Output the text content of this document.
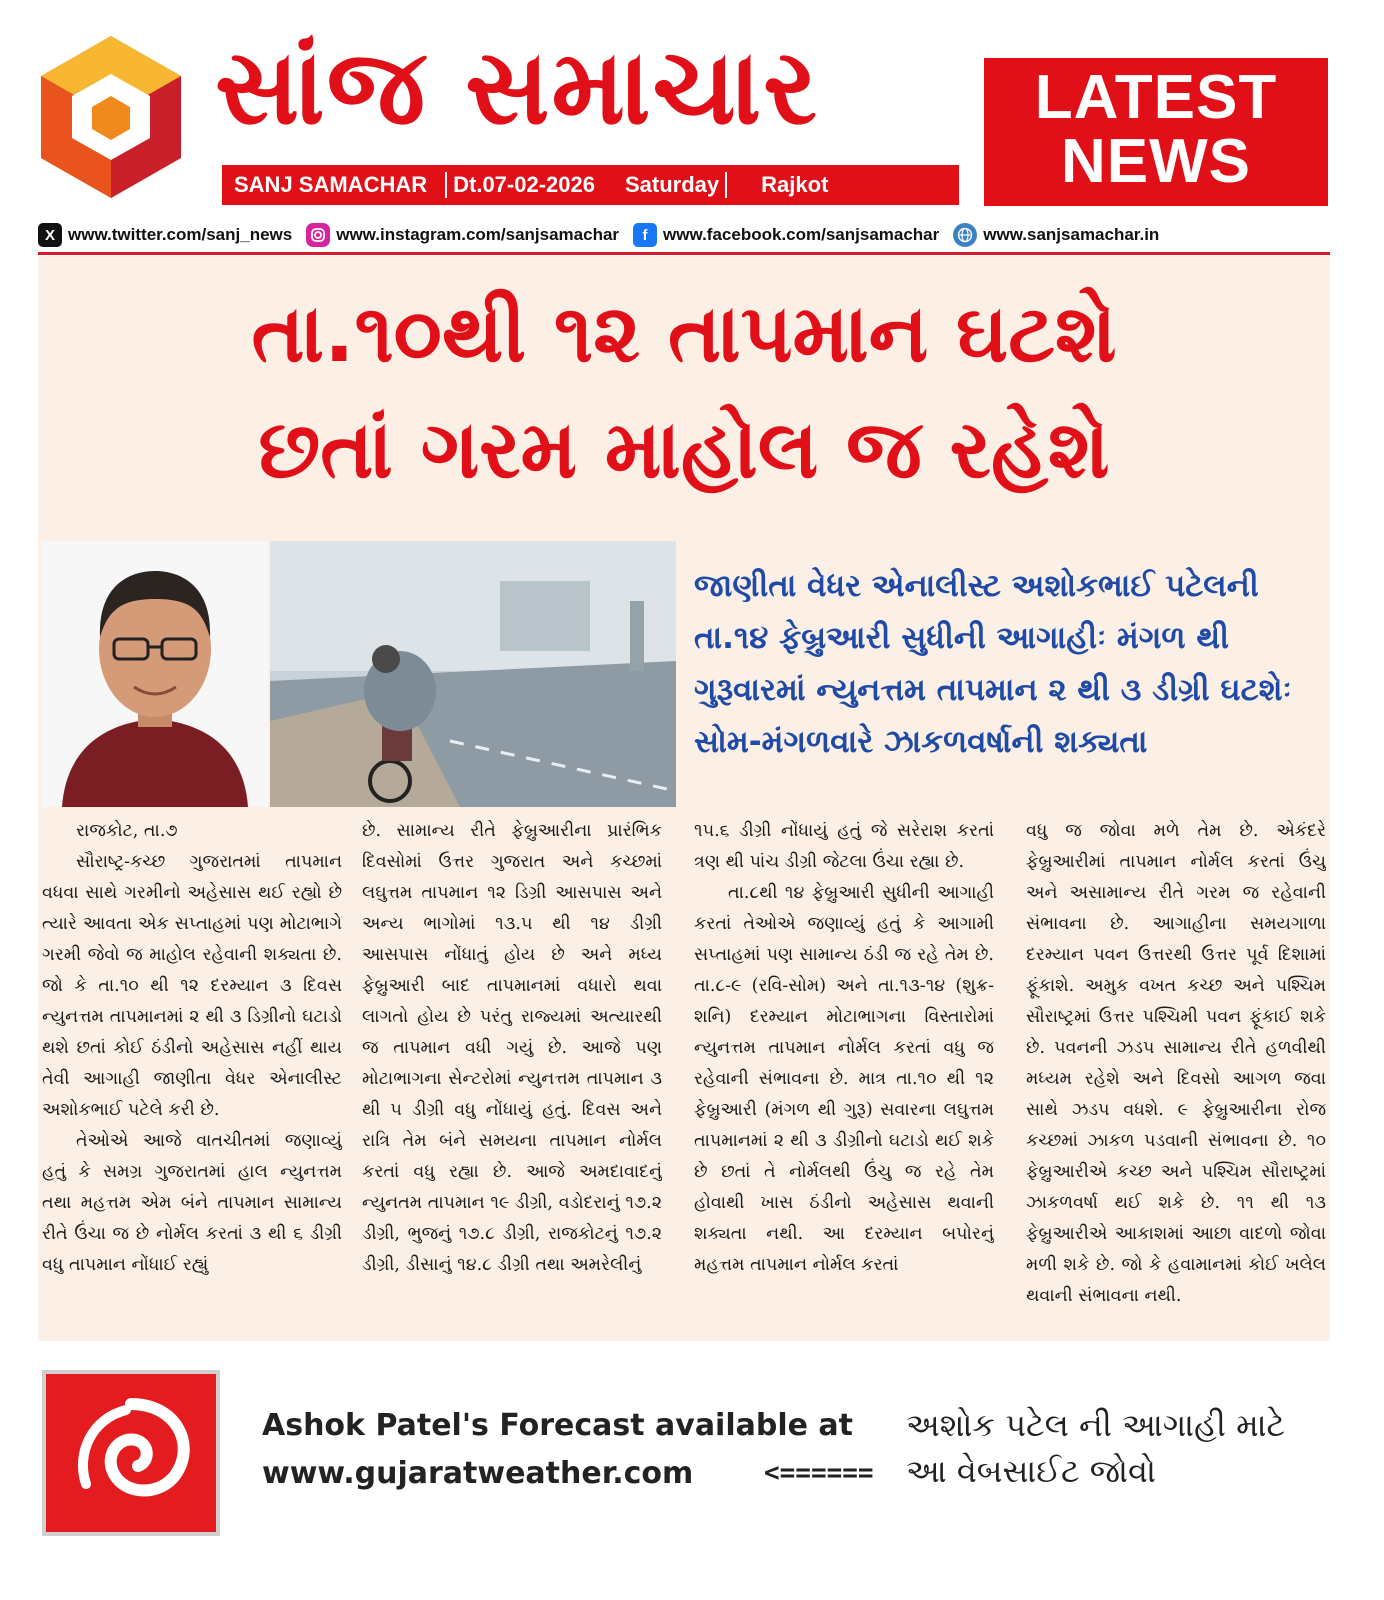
સાંજ સમાચાર
SANJ SAMACHAR Dt.07-02-2026 Saturday Rajkot
LATEST
NEWS
X www.twitter.com/sanj_news	www.instagram.com/sanjsamachar	f www.facebook.com/sanjsamachar	www.sanjsamachar.in
તા.૧૦થી ૧૨ તાપમાન ઘટશે
છતાં ગરમ માહોલ જ રહેશે
જાણીતા વેધર એનાલીસ્ટ અશોકભાઈ પટેલની તા.૧૪ ફેબ્રુઆરી સુધીની આગાહીઃ મંગળ થી ગુરૂવારમાં ન્યુનત્તમ તાપમાન ૨ થી ૩ ડીગ્રી ઘટશેઃ સોમ-મંગળવારે ઝાકળવર્ષાની શક્યતા

રાજકોટ, તા.૭

સૌરાષ્ટ્ર-કચ્છ ગુજરાતમાં તાપમાન વધવા સાથે ગરમીનો અહેસાસ થઈ રહ્યો છે ત્યારે આવતા એક સપ્તાહમાં પણ મોટાભાગે ગરમી જેવો જ માહોલ રહેવાની શક્યતા છે. જો કે તા.૧૦ થી ૧૨ દરમ્યાન ૩ દિવસ ન્યુનત્તમ તાપમાનમાં ૨ થી ૩ ડિગ્રીનો ઘટાડો થશે છતાં કોઈ ઠંડીનો અહેસાસ નહીં થાય તેવી આગાહી જાણીતા વેધર એનાલીસ્ટ અશોકભાઈ પટેલે કરી છે.

તેઓએ આજે વાતચીતમાં જણાવ્યું હતું કે સમગ્ર ગુજરાતમાં હાલ ન્યુનત્તમ તથા મહત્તમ એમ બંને તાપમાન સામાન્ય રીતે ઉંચા જ છે નોર્મલ કરતાં ૩ થી ૬ ડીગ્રી વધુ તાપમાન નોંધાઈ રહ્યું

છે. સામાન્ય રીતે ફેબ્રુઆરીના પ્રારંભિક દિવસોમાં ઉત્તર ગુજરાત અને કચ્છમાં લઘુત્તમ તાપમાન ૧૨ ડિગ્રી આસપાસ અને અન્ય ભાગોમાં ૧૩.૫ થી ૧૪ ડીગ્રી આસપાસ નોંધાતું હોય છે અને મધ્ય ફેબ્રુઆરી બાદ તાપમાનમાં વધારો થવા લાગતો હોય છે પરંતુ રાજ્યમાં અત્યારથી જ તાપમાન વધી ગયું છે. આજે પણ મોટાભાગના સેન્ટરોમાં ન્યુનત્તમ તાપમાન ૩ થી ૫ ડીગ્રી વધુ નોંધાયું હતું. દિવસ અને રાત્રિ તેમ બંને સમયના તાપમાન નોર્મલ કરતાં વધુ રહ્યા છે. આજે અમદાવાદનું ન્યુનતમ તાપમાન ૧૯ ડીગ્રી, વડોદરાનું ૧૭.૨ ડીગ્રી, ભુજનું ૧૭.૮ ડીગ્રી, રાજકોટનું ૧૭.૨ ડીગ્રી, ડીસાનું ૧૪.૮ ડીગ્રી તથા અમરેલીનું

૧૫.૬ ડીગ્રી નોંધાયું હતું જે સરેરાશ કરતાં ત્રણ થી પાંચ ડીગ્રી જેટલા ઉંચા રહ્યા છે.

તા.૮થી ૧૪ ફેબ્રુઆરી સુધીની આગાહી કરતાં તેઓએ જણાવ્યું હતું કે આગામી સપ્તાહમાં પણ સામાન્ય ઠંડી જ રહે તેમ છે. તા.૮-૯ (રવિ-સોમ) અને તા.૧૩-૧૪ (શુક્ર-શનિ) દરમ્યાન મોટાભાગના વિસ્તારોમાં ન્યુનત્તમ તાપમાન નોર્મલ કરતાં વધુ જ રહેવાની સંભાવના છે. માત્ર તા.૧૦ થી ૧૨ ફેબ્રુઆરી (મંગળ થી ગુરૂ) સવારના લઘુત્તમ તાપમાનમાં ૨ થી ૩ ડીગ્રીનો ઘટાડો થઈ શકે છે છતાં તે નોર્મલથી ઉંચુ જ રહે તેમ હોવાથી ખાસ ઠંડીનો અહેસાસ થવાની શક્યતા નથી. આ દરમ્યાન બપોરનું મહત્તમ તાપમાન નોર્મલ કરતાં

વધુ જ જોવા મળે તેમ છે. એકંદરે ફેબ્રુઆરીમાં તાપમાન નોર્મલ કરતાં ઉંચુ અને અસામાન્ય રીતે ગરમ જ રહેવાની સંભાવના છે. આગાહીના સમયગાળા દરમ્યાન પવન ઉત્તરથી ઉત્તર પૂર્વ દિશામાં ફૂંકાશે. અમુક વખત કચ્છ અને પશ્ચિમ સૌરાષ્ટ્રમાં ઉત્તર પશ્ચિમી પવન ફૂંકાઈ શકે છે. પવનની ઝડપ સામાન્ય રીતે હળવીથી મધ્યમ રહેશે અને દિવસો આગળ જવા સાથે ઝડપ વધશે. ૯ ફેબ્રુઆરીના રોજ કચ્છમાં ઝાકળ પડવાની સંભાવના છે. ૧૦ ફેબ્રુઆરીએ કચ્છ અને પશ્ચિમ સૌરાષ્ટ્રમાં ઝાકળવર્ષા થઈ શકે છે. ૧૧ થી ૧૩ ફેબ્રુઆરીએ આકાશમાં આછા વાદળો જોવા મળી શકે છે. જો કે હવામાનમાં કોઈ ખલેલ થવાની સંભાવના નથી.

Ashok Patel's Forecast available at
www.gujaratweather.com	<======
અશોક પટેલ ની આગાહી માટે
આ વેબસાઈટ જોવો
